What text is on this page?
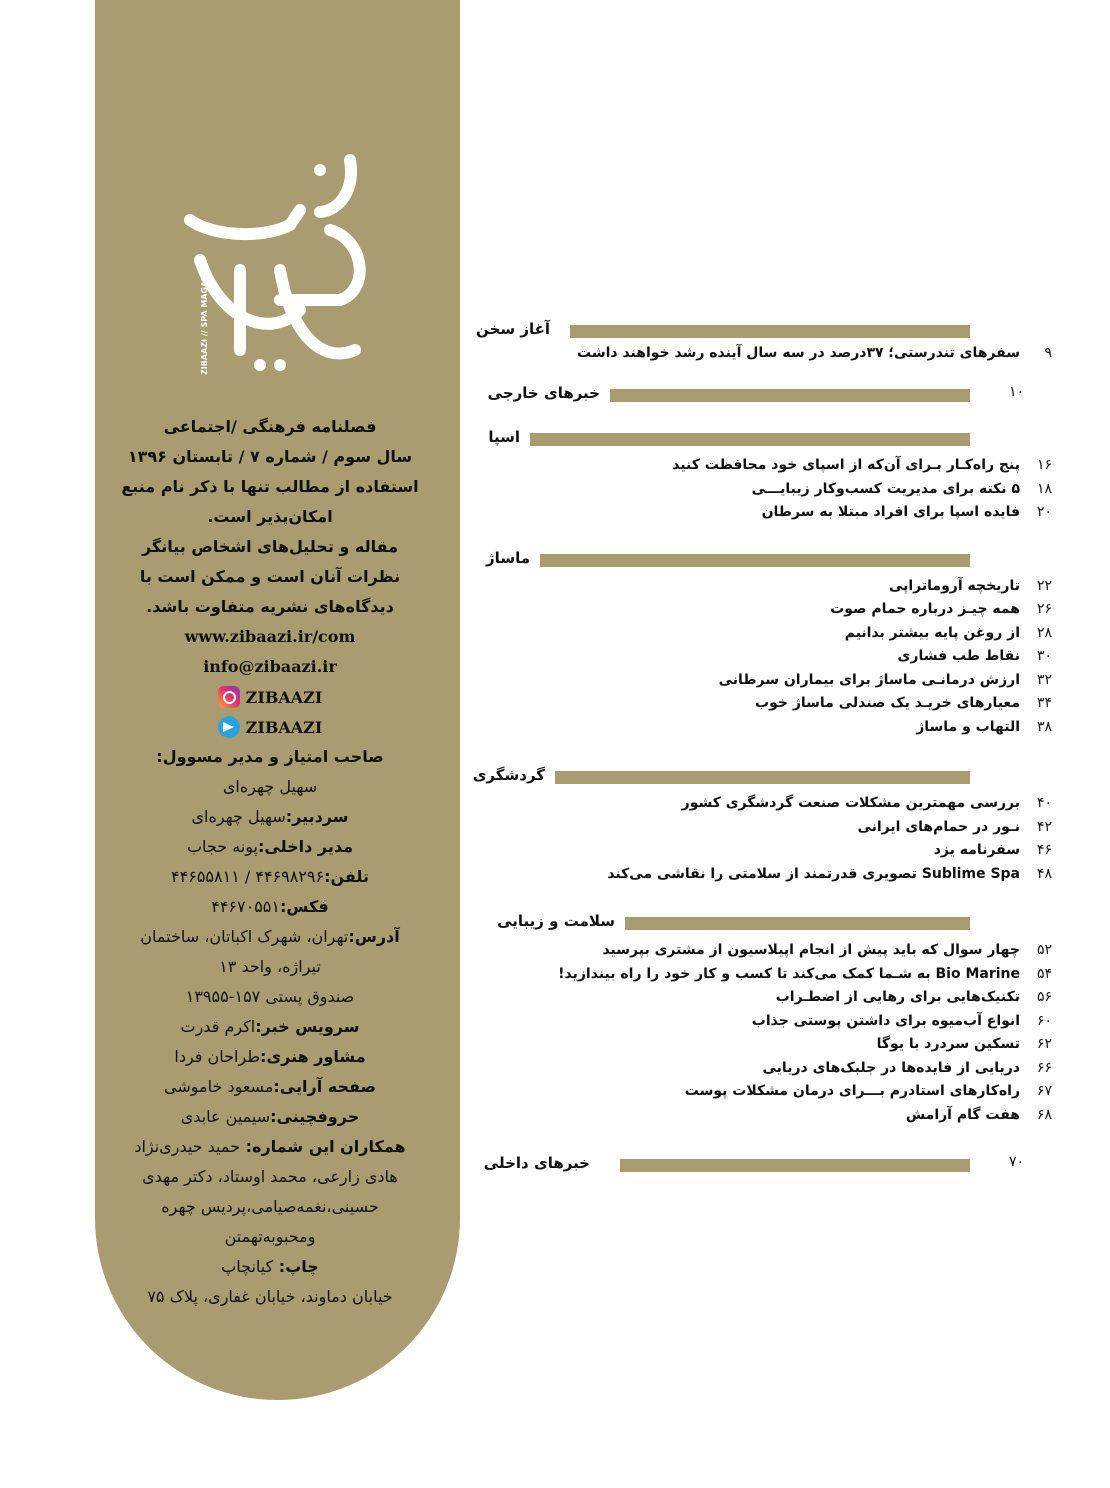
ZIBAAZI // SPA MAGAZINE

فصلنامه فرهنگی /اجتماعی

سال سوم / شماره ۷ / تابستان ۱۳۹۶

استفاده از مطالب تنها با ذکر نام منبع

امکان‌پذیر است.

مقاله و تحلیل‌های اشخاص بیانگر

نظرات آنان است و ممکن است با

دیدگاه‌های نشریه متفاوت باشد.

www.zibaazi.ir/com

info@zibaazi.ir

ZIBAAZI
ZIBAAZI

صاحب امتیاز و مدیر مسوول:

سهیل چهره‌ای

سردبیر:سهیل چهره‌ای

مدیر داخلی:پونه حجاب

تلفن:۴۴۶۹۸۲۹۶ / ۴۴۶۵۵۸۱۱

فکس:۴۴۶۷۰۵۵۱

آدرس:تهران، شهرک اکباتان، ساختمان

تیراژه، واحد ۱۳

صندوق پستی ۱۵۷-۱۳۹۵۵

سرویس خبر:اکرم قدرت

مشاور هنری:طراحان فردا

صفحه آرایی:مسعود خاموشی

حروفچینی:سیمین عابدی

همکاران این شماره: حمید حیدری‌نژاد

هادی زارعی، محمد اوستاد، دکتر مهدی

حسینی،نغمه‌صیامی،پردیس چهره

ومحبوبه‌تهمتن

چاپ: کیانچاپ

خیابان دماوند، خیابان غفاری، پلاک ۷۵

آغاز سخن
۹
سفرهای تندرستی؛ ۳۷درصد در سه سال آینده رشد خواهند داشت
۱۰
خبرهای خارجی
اسپا
۱۶
پنج راه‌کـار بـرای آن‌که از اسپای خود محافظت کنید
۱۸
۵ نکته برای مدیریت کسب‌وکار زیبایـــی
۲۰
فایده اسپا برای افراد مبتلا به سرطان
ماساژ
۲۲
تاریخچه آروماتراپی
۲۶
همه چیـز درباره حمام صوت
۲۸
از روغن پایه بیشتر بدانیم
۳۰
نقاط طب فشاری
۳۲
ارزش درمانـی ماساژ برای بیماران سرطانی
۳۴
معیارهای خریـد یک صندلی ماساژ خوب
۳۸
التهاب و ماساژ
گردشگری
۴۰
بررسی مهمترین مشکلات صنعت گردشگری کشور
۴۲
نـور در حمام‌های ایرانی
۴۶
سفرنامه یزد
۴۸
Sublime Spa تصویری قدرتمند از سلامتی را نقاشی می‌کند
سلامت و زیبایی
۵۲
چهار سوال که باید پیش از انجام اپیلاسیون از مشتری بپرسید
۵۴
Bio Marine به شـما کمک می‌کند تا کسب و کار خود را راه بیندازید!
۵۶
تکنیک‌هایی برای رهایی از اضطـراب
۶۰
انواع آب‌میوه برای داشتن پوستی جذاب
۶۲
تسکین سردرد با یوگا
۶۶
دریایی از فایده‌ها در جلبک‌های دریایی
۶۷
راه‌کارهای استادرم بـــرای درمان مشکلات پوست
۶۸
هفت گام آرامش
۷۰
خبرهای داخلی
